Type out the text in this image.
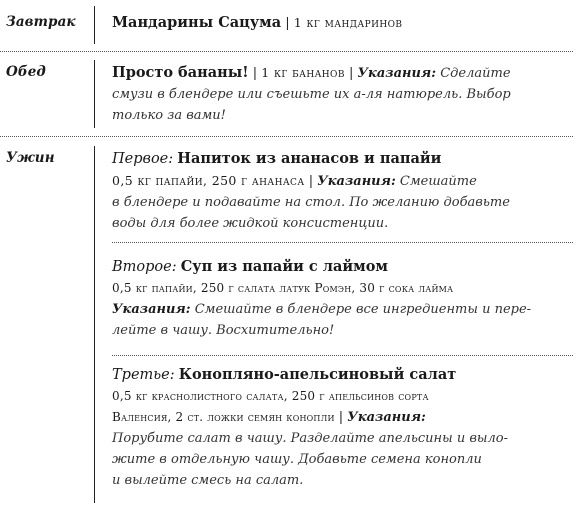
Завтрак	Мандарины Сацума | 1 кг мандаринов
Обед	Просто бананы! | 1 кг бананов | Указания: Сделайте
смузи в блендере или съешьте их а-ля натюрель. Выбор
только за вами!
Ужин	Первое: Напиток из ананасов и папайи
0,5 кг папайи, 250 г ананаса | Указания: Смешайте
в блендере и подавайте на стол. По желанию добавьте
воды для более жидкой консистенции.
Второе: Суп из папайи с лаймом
0,5 кг папайи, 250 г салата латук Ромэн, 30 г сока лайма
Указания: Смешайте в блендере все ингредиенты и пере-
лейте в чашу. Восхитительно!
Третье: Конопляно-апельсиновый салат
0,5 кг краснолистного салата, 250 г апельсинов сорта
Валенсия, 2 ст. ложки семян конопли | Указания:
Порубите салат в чашу. Разделайте апельсины и выло-
жите в отдельную чашу. Добавьте семена конопли
и вылейте смесь на салат.
